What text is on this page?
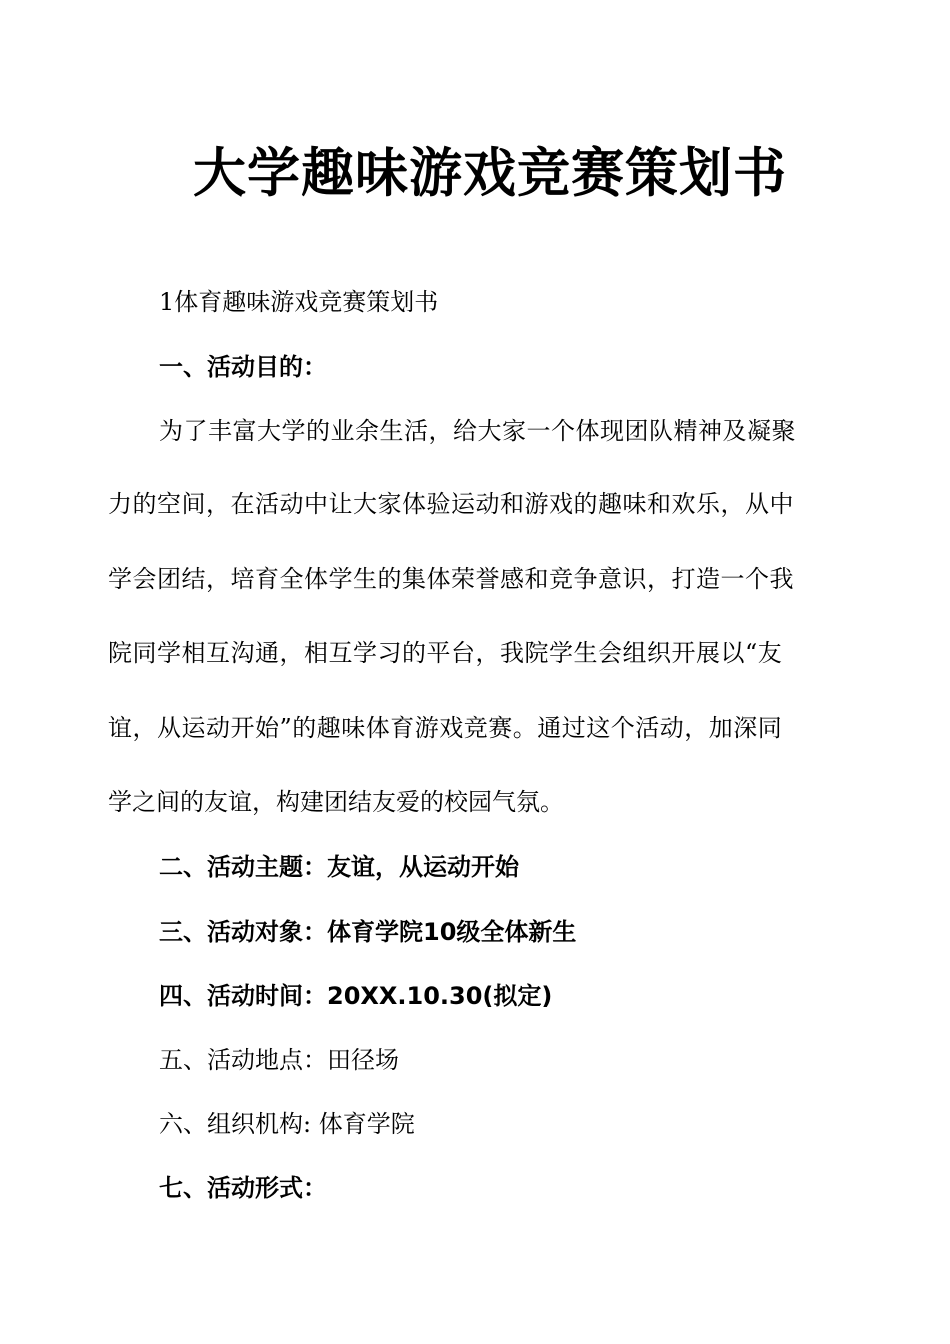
大学趣味游戏竞赛策划书
1体育趣味游戏竞赛策划书
一、活动目的：
为了丰富大学的业余生活，给大家一个体现团队精神及凝聚
力的空间，在活动中让大家体验运动和游戏的趣味和欢乐，从中
学会团结，培育全体学生的集体荣誉感和竞争意识，打造一个我
院同学相互沟通，相互学习的平台，我院学生会组织开展以“友
谊，从运动开始”的趣味体育游戏竞赛。通过这个活动，加深同
学之间的友谊，构建团结友爱的校园气氛。
二、活动主题：友谊，从运动开始
三、活动对象：体育学院10级全体新生
四、活动时间：20XX.10.30(拟定)
五、活动地点：田径场
六、组织机构: 体育学院
七、活动形式：
